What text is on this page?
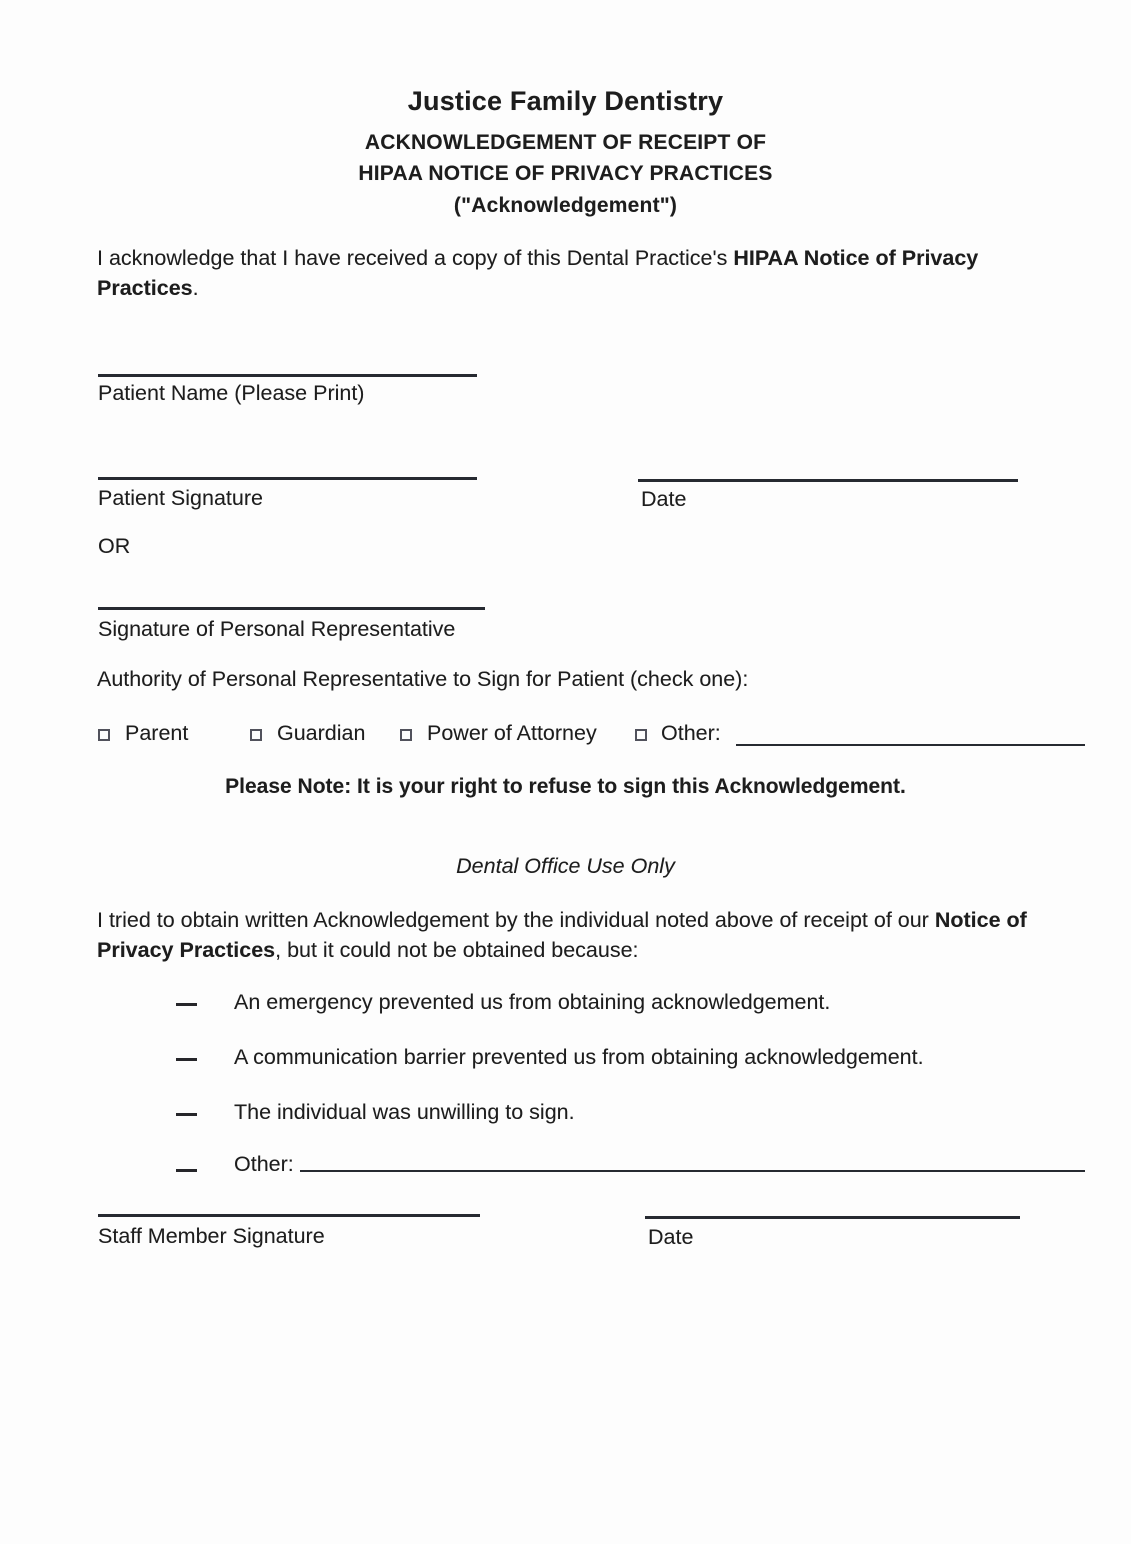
Justice Family Dentistry
ACKNOWLEDGEMENT OF RECEIPT OF
HIPAA NOTICE OF PRIVACY PRACTICES
("Acknowledgement")
I acknowledge that I have received a copy of this Dental Practice's HIPAA Notice of Privacy Practices.
Patient Name (Please Print)
Patient Signature	Date
OR
Signature of Personal Representative
Authority of Personal Representative to Sign for Patient (check one):
Parent	Guardian	Power of Attorney	Other:
Please Note: It is your right to refuse to sign this Acknowledgement.
Dental Office Use Only
I tried to obtain written Acknowledgement by the individual noted above of receipt of our Notice of Privacy Practices, but it could not be obtained because:
An emergency prevented us from obtaining acknowledgement.
A communication barrier prevented us from obtaining acknowledgement.
The individual was unwilling to sign.
Other:
Staff Member Signature	Date
